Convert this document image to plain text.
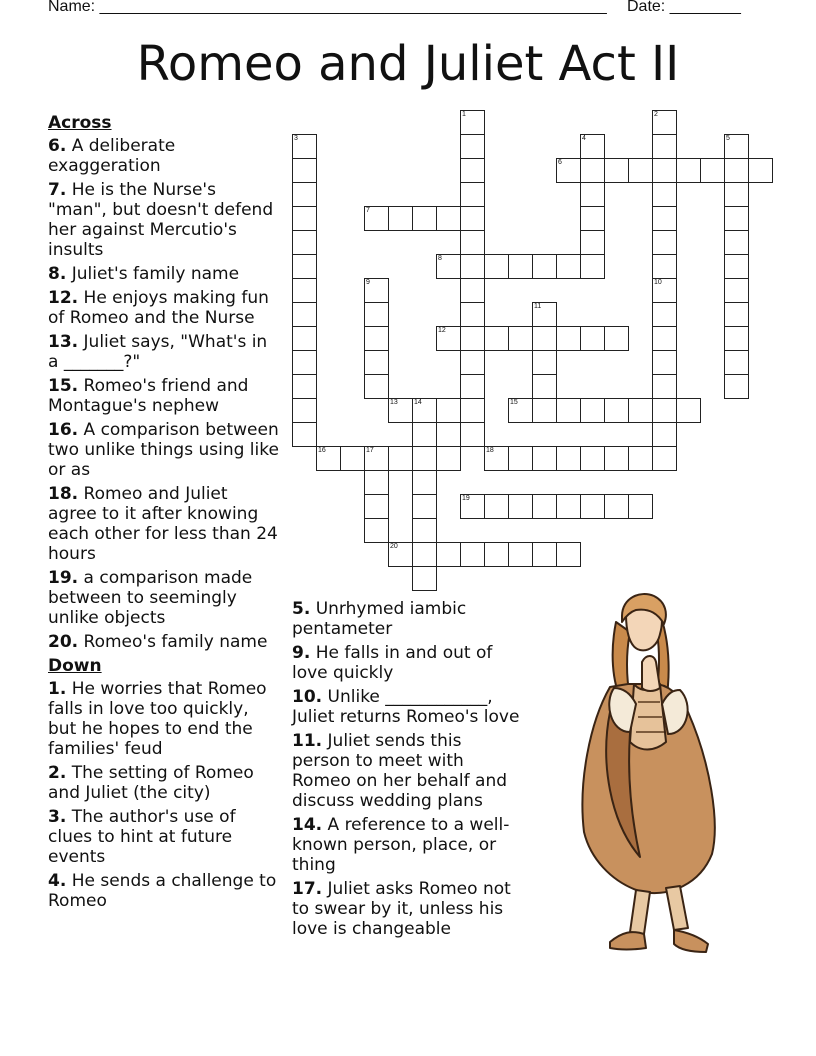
Name: _________________________________________________________ Date: ________
Romeo and Juliet Act II
Across
6. A deliberate exaggeration
7. He is the Nurse's "man", but doesn't defend her against Mercutio's insults
8. Juliet's family name
12. He enjoys making fun of Romeo and the Nurse
13. Juliet says, "What's in a _______?"
15. Romeo's friend and Montague's nephew
16. A comparison between two unlike things using like or as
18. Romeo and Juliet agree to it after knowing each other for less than 24 hours
19. a comparison made between to seemingly unlike objects
20. Romeo's family name
Down
1. He worries that Romeo falls in love too quickly, but he hopes to end the families' feud
2. The setting of Romeo and Juliet (the city)
3. The author's use of clues to hint at future events
4. He sends a challenge to Romeo
5. Unrhymed iambic pentameter
9. He falls in and out of love quickly
10. Unlike ____________, Juliet returns Romeo's love
11. Juliet sends this person to meet with Romeo on her behalf and discuss wedding plans
14. A reference to a well-known person, place, or thing
17. Juliet asks Romeo not to swear by it, unless his love is changeable
1	2
10
3	4	5
6
7
8
9
11
12
13 14	15
16	17	18
19
20
